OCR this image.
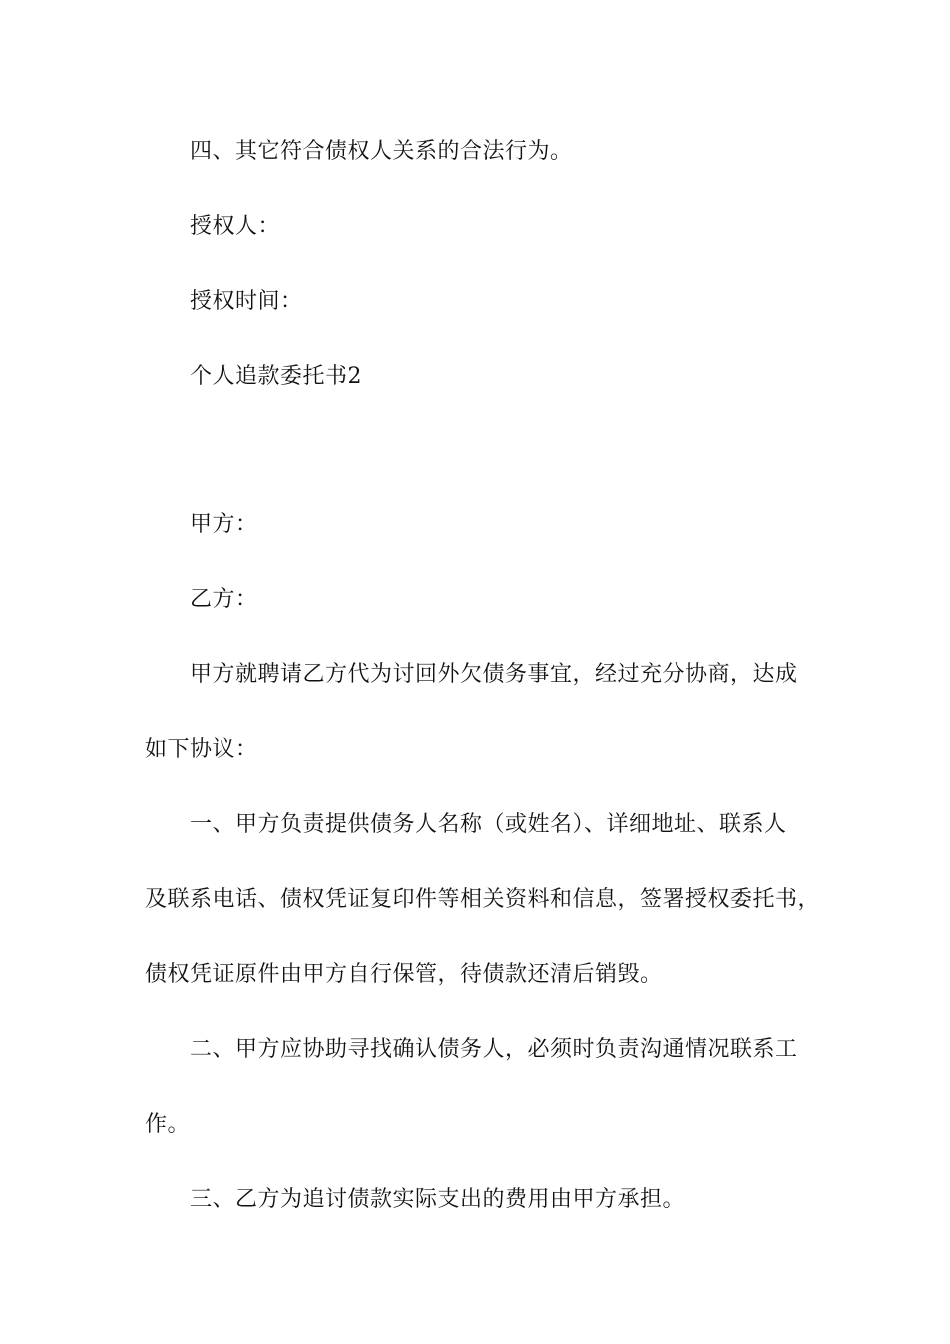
四、其它符合债权人关系的合法行为。
授权人：
授权时间：
个人追款委托书2
甲方：
乙方：
甲方就聘请乙方代为讨回外欠债务事宜，经过充分协商，达成
如下协议：
一、甲方负责提供债务人名称（或姓名）、详细地址、联系人
及联系电话、债权凭证复印件等相关资料和信息，签署授权委托书，
债权凭证原件由甲方自行保管，待债款还清后销毁。
二、甲方应协助寻找确认债务人，必须时负责沟通情况联系工
作。
三、乙方为追讨债款实际支出的费用由甲方承担。
